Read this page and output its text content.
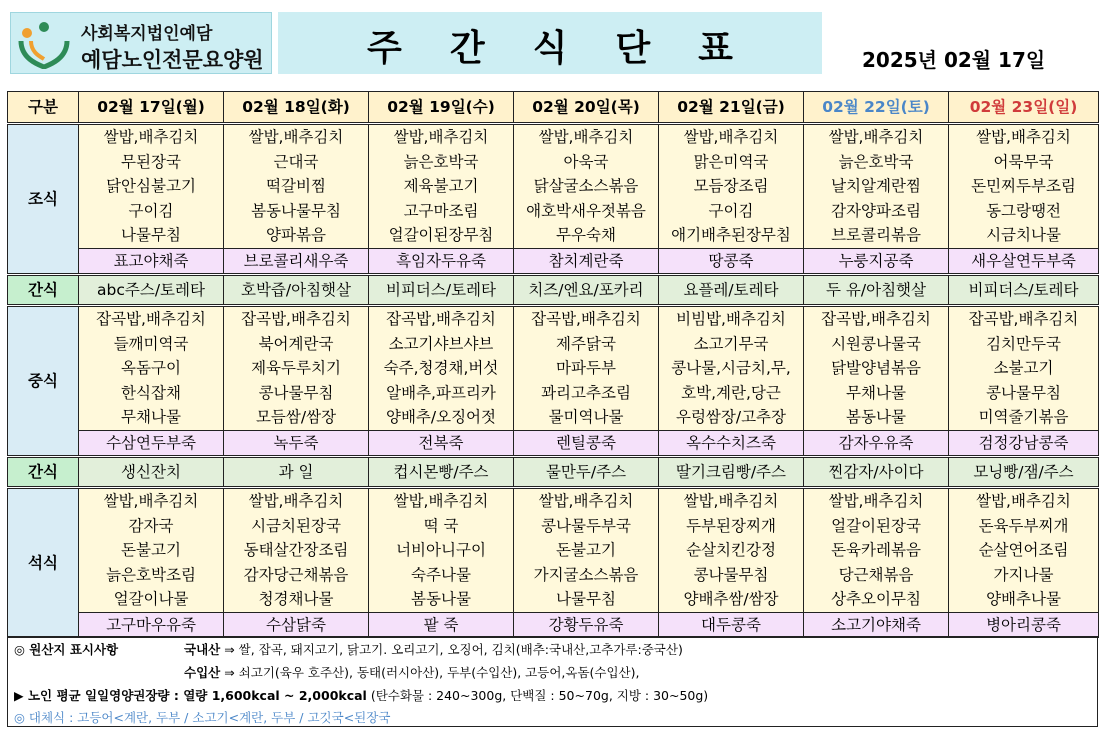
사회복지법인예담
예담노인전문요양원	주간식단표	2025년 02월 17일
구분	02월 17일(월)	02월 18일(화)	02월 19일(수)	02월 20일(목)	02월 21일(금)	02월 22일(토)	02월 23일(일)
조식	쌀밥,배추김치	쌀밥,배추김치	쌀밥,배추김치	쌀밥,배추김치	쌀밥,배추김치	쌀밥,배추김치	쌀밥,배추김치
	무된장국	근대국	늙은호박국	아욱국	맑은미역국	늙은호박국	어묵무국
	닭안심불고기	떡갈비찜	제육불고기	닭살굴소스볶음	모듬장조림	날치알계란찜	돈민찌두부조림
	구이김	봄동나물무침	고구마조림	애호박새우젓볶음	구이김	감자양파조림	동그랑땡전
	나물무침	양파볶음	얼갈이된장무침	무우숙채	애기배추된장무침	브로콜리볶음	시금치나물
	표고야채죽	브로콜리새우죽	흑임자두유죽	참치계란죽	땅콩죽	누룽지공죽	새우살연두부죽
간식	abc주스/토레타	호박즙/아침햇살	비피더스/토레타	치즈/엔요/포카리	요플레/토레타	두 유/아침햇살	비피더스/토레타
중식	잡곡밥,배추김치	잡곡밥,배추김치	잡곡밥,배추김치	잡곡밥,배추김치	비빔밥,배추김치	잡곡밥,배추김치	잡곡밥,배추김치
	들깨미역국	북어계란국	소고기샤브샤브	제주닭국	소고기무국	시원콩나물국	김치만두국
	옥돔구이	제육두루치기	숙주,청경채,버섯	마파두부	콩나물,시금치,무,	닭발양념볶음	소불고기
	한식잡채	콩나물무침	알배추,파프리카	꽈리고추조림	호박,계란,당근	무채나물	콩나물무침
	무채나물	모듬쌈/쌈장	양배추/오징어젓	물미역나물	우렁쌈장/고추장	봄동나물	미역줄기볶음
	수삼연두부죽	녹두죽	전복죽	렌틸콩죽	옥수수치즈죽	감자우유죽	검정강남콩죽
간식	생신잔치	과 일	컵시몬빵/주스	물만두/주스	딸기크림빵/주스	찐감자/사이다	모닝빵/잼/주스
석식	쌀밥,배추김치	쌀밥,배추김치	쌀밥,배추김치	쌀밥,배추김치	쌀밥,배추김치	쌀밥,배추김치	쌀밥,배추김치
	감자국	시금치된장국	떡 국	콩나물두부국	두부된장찌개	얼갈이된장국	돈육두부찌개
	돈불고기	동태살간장조림	너비아니구이	돈불고기	순살치킨강정	돈육카레볶음	순살연어조림
	늙은호박조림	감자당근채볶음	숙주나물	가지굴소스볶음	콩나물무침	당근채볶음	가지나물
	얼갈이나물	청경채나물	봄동나물	나물무침	양배추쌈/쌈장	상추오이무침	양배추나물
	고구마우유죽	수삼닭죽	팥 죽	강황두유죽	대두콩죽	소고기야채죽	병아리콩죽
◎ 원산지 표시사항	국내산 ⇒ 쌀, 잡곡, 돼지고기, 닭고기. 오리고기, 오징어, 김치(배추:국내산,고추가루:중국산)
수입산 ⇒ 쇠고기(육우 호주산), 동태(러시아산), 두부(수입산), 고등어,옥돔(수입산),
▶ 노인 평균 일일영양권장량 : 열량 1,600kcal ~ 2,000kcal (탄수화물 : 240~300g, 단백질 : 50~70g, 지방 : 30~50g)
◎ 대체식 : 고등어<계란, 두부 / 소고기<계란, 두부 / 고깃국<된장국
